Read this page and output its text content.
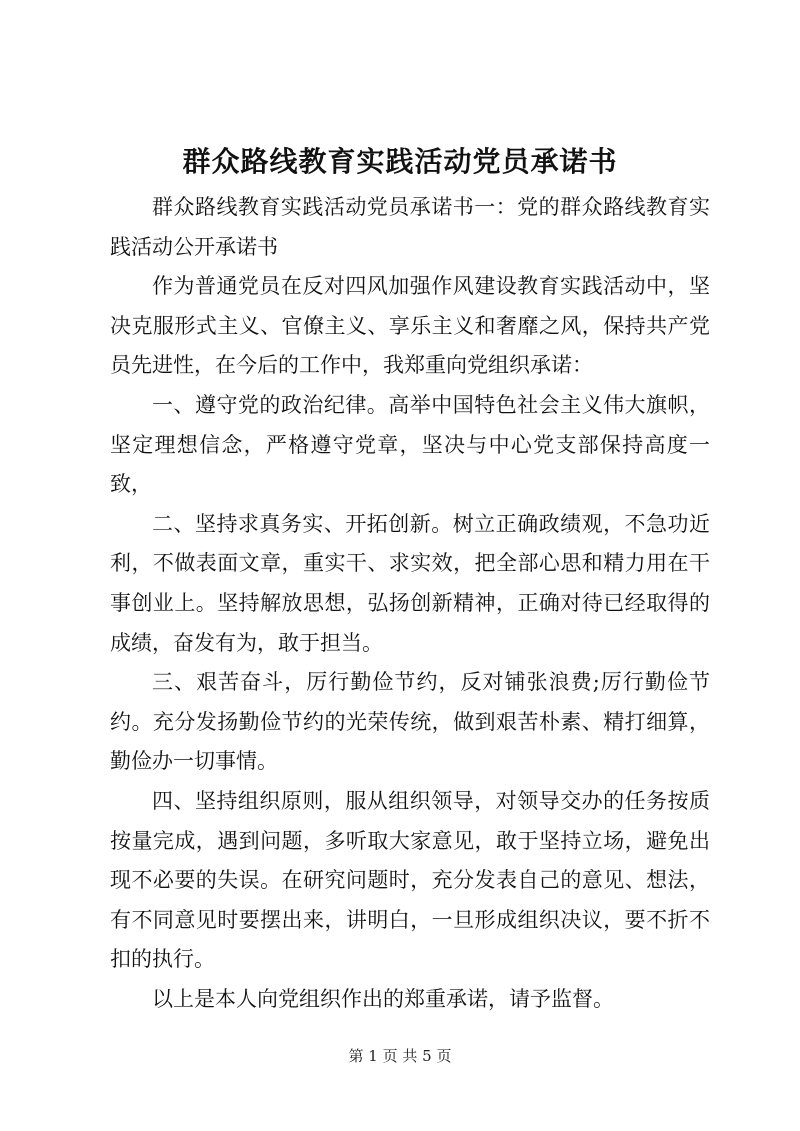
群众路线教育实践活动党员承诺书

群众路线教育实践活动党员承诺书一：党的群众路线教育实践活动公开承诺书

作为普通党员在反对四风加强作风建设教育实践活动中，坚决克服形式主义、官僚主义、享乐主义和奢靡之风，保持共产党员先进性，在今后的工作中，我郑重向党组织承诺：

一、遵守党的政治纪律。高举中国特色社会主义伟大旗帜，坚定理想信念，严格遵守党章，坚决与中心党支部保持高度一致，

二、坚持求真务实、开拓创新。树立正确政绩观，不急功近利，不做表面文章，重实干、求实效，把全部心思和精力用在干事创业上。坚持解放思想，弘扬创新精神，正确对待已经取得的成绩，奋发有为，敢于担当。

三、艰苦奋斗，厉行勤俭节约，反对铺张浪费;厉行勤俭节约。充分发扬勤俭节约的光荣传统，做到艰苦朴素、精打细算，勤俭办一切事情。

四、坚持组织原则，服从组织领导，对领导交办的任务按质按量完成，遇到问题，多听取大家意见，敢于坚持立场，避免出现不必要的失误。在研究问题时，充分发表自己的意见、想法，有不同意见时要摆出来，讲明白，一旦形成组织决议，要不折不扣的执行。

以上是本人向党组织作出的郑重承诺，请予监督。

第 1 页 共 5 页
